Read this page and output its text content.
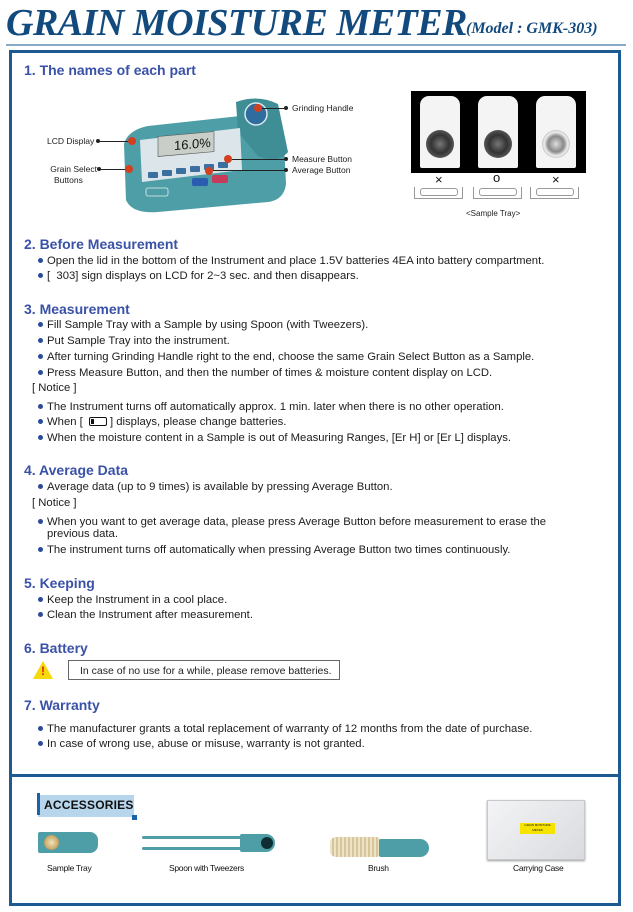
GRAIN MOISTURE METER (Model : GMK-303)
1. The names of each part
16.0%
Grinding Handle
LCD Display
Grain Select
Buttons
Measure Button
Average Button
×	o	×
<Sample Tray>
2. Before Measurement
Open the lid in the bottom of the Instrument and place 1.5V batteries 4EA into battery compartment.
[  303] sign displays on LCD for 2~3 sec. and then disappears.
3. Measurement
Fill Sample Tray with a Sample by using Spoon (with Tweezers).
Put Sample Tray into the instrument.
After turning Grinding Handle right to the end, choose the same Grain Select Button as a Sample.
Press Measure Button, and then the number of times & moisture content display on LCD.
[ Notice ]
The Instrument turns off automatically approx. 1 min. later when there is no other operation.
When [ ] displays, please change batteries.
When the moisture content in a Sample is out of Measuring Ranges, [Er H] or [Er L] displays.
4. Average Data
Average data (up to 9 times) is available by pressing Average Button.
[ Notice ]
When you want to get average data, please press Average Button before measurement to erase the
previous data.
The instrument turns off automatically when pressing Average Button two times continuously.
5. Keeping
Keep the Instrument in a cool place.
Clean the Instrument after measurement.
6. Battery
!	In case of no use for a while, please remove batteries.
7. Warranty
The manufacturer grants a total replacement of warranty of 12 months from the date of purchase.
In case of wrong use, abuse or misuse, warranty is not granted.
ACCESSORIES
Sample Tray	Spoon with Tweezers	Brush
GRAIN MOISTURE METER
Carrying Case
